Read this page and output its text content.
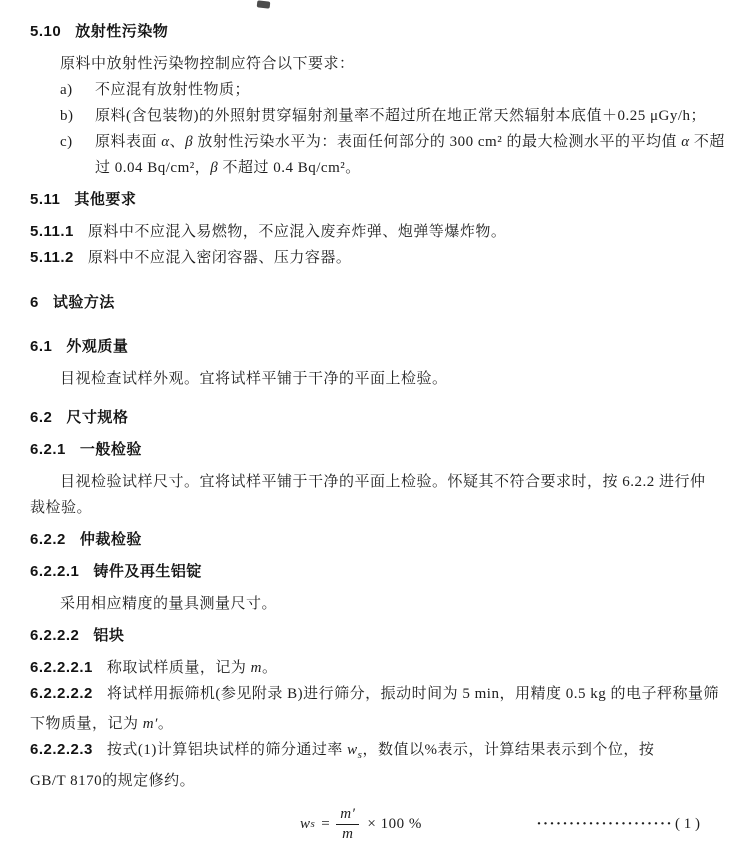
5.10 放射性污染物

原料中放射性污染物控制应符合以下要求：

a) 不应混有放射性物质；

b) 原料(含包装物)的外照射贯穿辐射剂量率不超过所在地正常天然辐射本底值＋0.25 μGy/h；

c) 原料表面 α、β 放射性污染水平为：表面任何部分的 300 cm² 的最大检测水平的平均值 α 不超

过 0.04 Bq/cm²，β 不超过 0.4 Bq/cm²。

5.11 其他要求

5.11.1 原料中不应混入易燃物，不应混入废弃炸弹、炮弹等爆炸物。

5.11.2 原料中不应混入密闭容器、压力容器。

6 试验方法
6.1 外观质量

目视检查试样外观。宜将试样平铺于干净的平面上检验。

6.2 尺寸规格
6.2.1 一般检验

目视检验试样尺寸。宜将试样平铺于干净的平面上检验。怀疑其不符合要求时，按 6.2.2 进行仲

裁检验。

6.2.2 仲裁检验
6.2.2.1 铸件及再生铝锭

采用相应精度的量具测量尺寸。

6.2.2.2 铝块

6.2.2.2.1 称取试样质量，记为 m。

6.2.2.2.2 将试样用振筛机(参见附录 B)进行筛分，振动时间为 5 min，用精度 0.5 kg 的电子秤称量筛

下物质量，记为 m′。

6.2.2.2.3 按式(1)计算铝块试样的筛分通过率 $w_s$，数值以%表示，计算结果表示到个位，按

GB/T 8170的规定修约。

w $s = \frac{m'}{m} \times 100$ %	····················· ( 1 )
